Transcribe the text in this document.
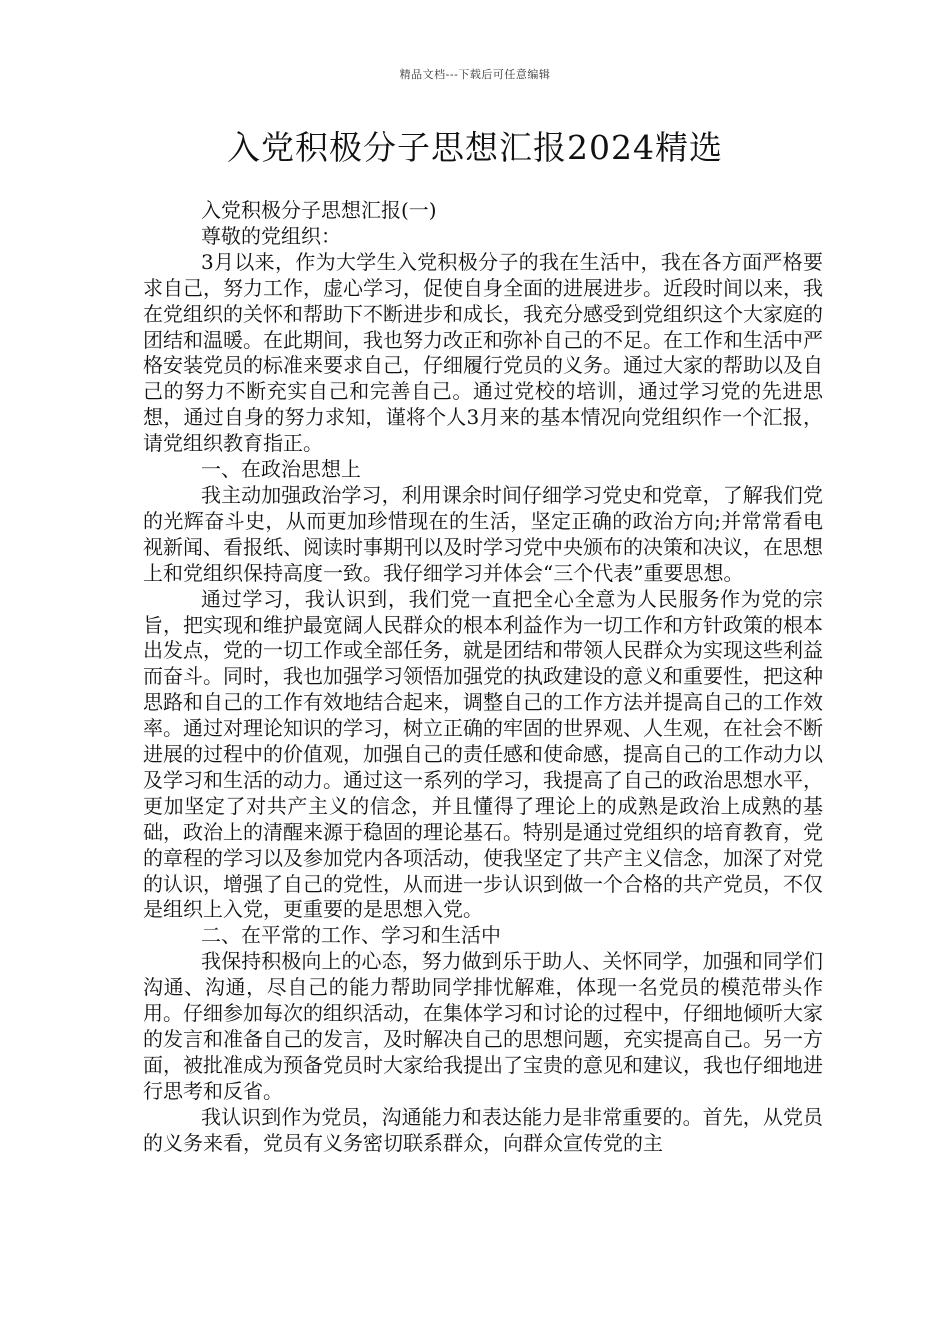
精品文档---下载后可任意编辑
入党积极分子思想汇报2024精选

入党积极分子思想汇报(一)

尊敬的党组织：

3月以来，作为大学生入党积极分子的我在生活中，我在各方面严格要求自己，努力工作，虚心学习，促使自身全面的进展进步。近段时间以来，我在党组织的关怀和帮助下不断进步和成长，我充分感受到党组织这个大家庭的团结和温暖。在此期间，我也努力改正和弥补自己的不足。在工作和生活中严格安装党员的标准来要求自己，仔细履行党员的义务。通过大家的帮助以及自己的努力不断充实自己和完善自己。通过党校的培训，通过学习党的先进思想，通过自身的努力求知，谨将个人3月来的基本情况向党组织作一个汇报，请党组织教育指正。

一、在政治思想上

我主动加强政治学习，利用课余时间仔细学习党史和党章，了解我们党的光辉奋斗史，从而更加珍惜现在的生活，坚定正确的政治方向;并常常看电视新闻、看报纸、阅读时事期刊以及时学习党中央颁布的决策和决议，在思想上和党组织保持高度一致。我仔细学习并体会“三个代表”重要思想。

通过学习，我认识到，我们党一直把全心全意为人民服务作为党的宗旨，把实现和维护最宽阔人民群众的根本利益作为一切工作和方针政策的根本出发点，党的一切工作或全部任务，就是团结和带领人民群众为实现这些利益而奋斗。同时，我也加强学习领悟加强党的执政建设的意义和重要性，把这种思路和自己的工作有效地结合起来，调整自己的工作方法并提高自己的工作效率。通过对理论知识的学习，树立正确的牢固的世界观、人生观，在社会不断进展的过程中的价值观，加强自己的责任感和使命感，提高自己的工作动力以及学习和生活的动力。通过这一系列的学习，我提高了自己的政治思想水平，更加坚定了对共产主义的信念，并且懂得了理论上的成熟是政治上成熟的基础，政治上的清醒来源于稳固的理论基石。特别是通过党组织的培育教育，党的章程的学习以及参加党内各项活动，使我坚定了共产主义信念，加深了对党的认识，增强了自己的党性，从而进一步认识到做一个合格的共产党员，不仅是组织上入党，更重要的是思想入党。

二、在平常的工作、学习和生活中

我保持积极向上的心态，努力做到乐于助人、关怀同学，加强和同学们沟通、沟通，尽自己的能力帮助同学排忧解难，体现一名党员的模范带头作用。仔细参加每次的组织活动，在集体学习和讨论的过程中，仔细地倾听大家的发言和准备自己的发言，及时解决自己的思想问题，充实提高自己。另一方面，被批准成为预备党员时大家给我提出了宝贵的意见和建议，我也仔细地进行思考和反省。

我认识到作为党员，沟通能力和表达能力是非常重要的。首先，从党员的义务来看，党员有义务密切联系群众，向群众宣传党的主
